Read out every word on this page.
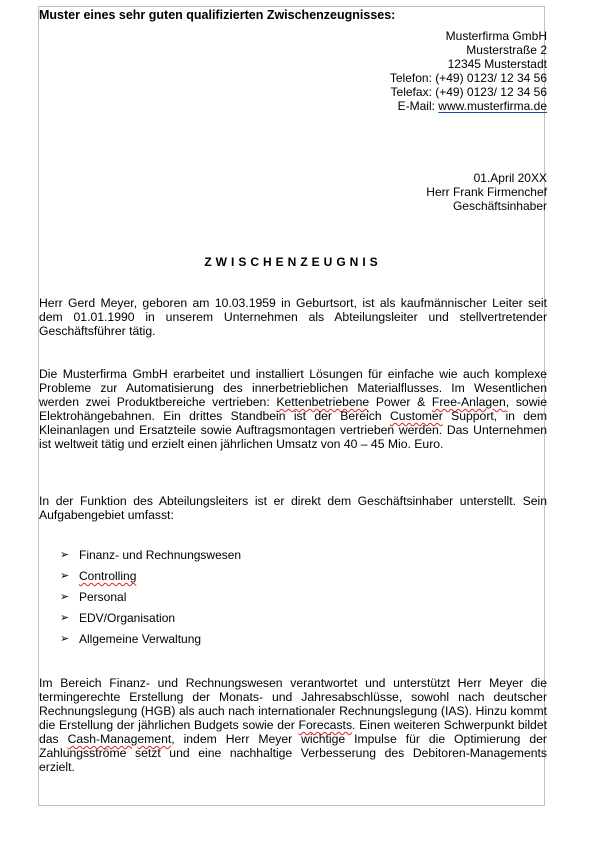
Muster eines sehr guten qualifizierten Zwischenzeugnisses:
Musterfirma GmbH
Musterstraße 2
12345 Musterstadt
Telefon: (+49) 0123/ 12 34 56
Telefax: (+49) 0123/ 12 34 56
E-Mail: www.musterfirma.de
01.April 20XX
Herr Frank Firmenchef
Geschäftsinhaber
ZWISCHENZEUGNIS
Herr Gerd Meyer, geboren am 10.03.1959 in Geburtsort, ist als kaufmännischer Leiter seit dem 01.01.1990 in unserem Unternehmen als Abteilungsleiter und stellvertretender Geschäftsführer tätig.
Die Musterfirma GmbH erarbeitet und installiert Lösungen für einfache wie auch komplexe Probleme zur Automatisierung des innerbetrieblichen Materialflusses. Im Wesentlichen werden zwei Produktbereiche vertrieben: Kettenbetriebene Power & Free-Anlagen, sowie Elektrohängebahnen. Ein drittes Standbein ist der Bereich Customer Support, in dem Kleinanlagen und Ersatzteile sowie Auftragsmontagen vertrieben werden. Das Unternehmen ist weltweit tätig und erzielt einen jährlichen Umsatz von 40 – 45 Mio. Euro.
In der Funktion des Abteilungsleiters ist er direkt dem Geschäftsinhaber unterstellt. Sein Aufgabengebiet umfasst:
➢ Finanz- und Rechnungswesen
➢ Controlling
➢ Personal
➢ EDV/Organisation
➢ Allgemeine Verwaltung
Im Bereich Finanz- und Rechnungswesen verantwortet und unterstützt Herr Meyer die termingerechte Erstellung der Monats- und Jahresabschlüsse, sowohl nach deutscher Rechnungslegung (HGB) als auch nach internationaler Rechnungslegung (IAS). Hinzu kommt die Erstellung der jährlichen Budgets sowie der Forecasts. Einen weiteren Schwerpunkt bildet das Cash-Management, indem Herr Meyer wichtige Impulse für die Optimierung der Zahlungsströme setzt und eine nachhaltige Verbesserung des Debitoren-Managements erzielt.
